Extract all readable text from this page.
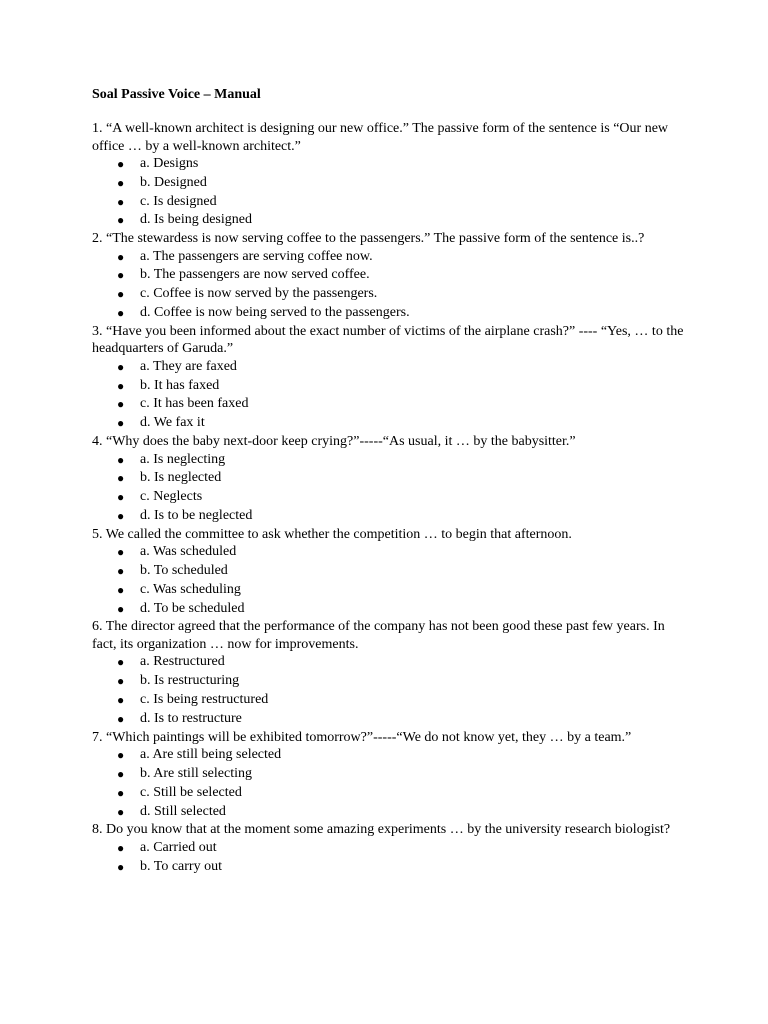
Soal Passive Voice – Manual
1. “A well-known architect is designing our new office.” The passive form of the sentence is “Our new office … by a well-known architect.”
● a. Designs
● b. Designed
● c. Is designed
● d. Is being designed
2. “The stewardess is now serving coffee to the passengers.” The passive form of the sentence is..?
● a. The passengers are serving coffee now.
● b. The passengers are now served coffee.
● c. Coffee is now served by the passengers.
● d. Coffee is now being served to the passengers.
3. “Have you been informed about the exact number of victims of the airplane crash?” ---- “Yes, … to the headquarters of Garuda.”
● a. They are faxed
● b. It has faxed
● c. It has been faxed
● d. We fax it
4. “Why does the baby next-door keep crying?”-----“As usual, it … by the babysitter.”
● a. Is neglecting
● b. Is neglected
● c. Neglects
● d. Is to be neglected
5. We called the committee to ask whether the competition … to begin that afternoon.
● a. Was scheduled
● b. To scheduled
● c. Was scheduling
● d. To be scheduled
6. The director agreed that the performance of the company has not been good these past few years. In fact, its organization … now for improvements.
● a. Restructured
● b. Is restructuring
● c. Is being restructured
● d. Is to restructure
7. “Which paintings will be exhibited tomorrow?”-----“We do not know yet, they … by a team.”
● a. Are still being selected
● b. Are still selecting
● c. Still be selected
● d. Still selected
8. Do you know that at the moment some amazing experiments … by the university research biologist?
● a. Carried out
● b. To carry out
